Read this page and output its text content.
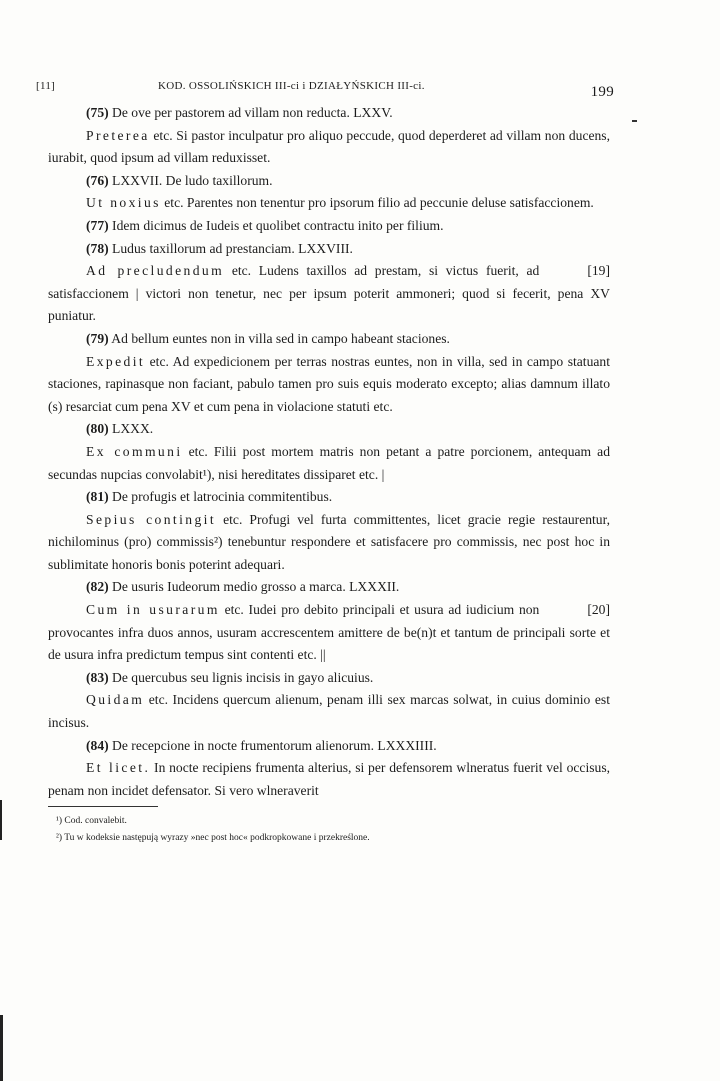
[11]	KOD. OSSOLIŃSKICH III-ci i DZIAŁYŃSKICH III-ci.	199

(75) De ove per pastorem ad villam non reducta. LXXV.

Preterea etc. Si pastor inculpatur pro aliquo peccude, quod deperderet ad villam non ducens, iurabit, quod ipsum ad villam reduxisset.

(76) LXXVII. De ludo taxillorum.

Ut noxius etc. Parentes non tenentur pro ipsorum filio ad peccunie deluse satisfaccionem.

(77) Idem dicimus de Iudeis et quolibet contractu inito per filium.

(78) Ludus taxillorum ad prestanciam. LXXVIII.

[19]
Ad precludendum etc. Ludens taxillos ad prestam, si victus fuerit, ad satisfaccionem | victori non tenetur, nec per ipsum poterit ammoneri; quod si fecerit, pena XV puniatur.

(79) Ad bellum euntes non in villa sed in campo habeant staciones.

Expedit etc. Ad expedicionem per terras nostras euntes, non in villa, sed in campo statuant staciones, rapinasque non faciant, pabulo tamen pro suis equis moderato excepto; alias damnum illato (s) resarciat cum pena XV et cum pena in violacione statuti etc.

(80) LXXX.

Ex communi etc. Filii post mortem matris non petant a patre porcionem, antequam ad secundas nupcias convolabit¹), nisi hereditates dissiparet etc. |

(81) De profugis et latrocinia commitentibus.

Sepius contingit etc. Profugi vel furta committentes, licet gracie regie restaurentur, nichilominus (pro) commissis²) tenebuntur respondere et satisfacere pro commissis, nec post hoc in sublimitate honoris bonis poterint adequari.

(82) De usuris Iudeorum medio grosso a marca. LXXXII.

[20]
Cum in usurarum etc. Iudei pro debito principali et usura ad iudicium non provocantes infra duos annos, usuram accrescentem amittere de be(n)t et tantum de principali sorte et de usura infra predictum tempus sint contenti etc. ||

(83) De quercubus seu lignis incisis in gayo alicuius.

Quidam etc. Incidens quercum alienum, penam illi sex marcas solwat, in cuius dominio est incisus.

(84) De recepcione in nocte frumentorum alienorum. LXXXIIII.

Et licet. In nocte recipiens frumenta alterius, si per defensorem wlneratus fuerit vel occisus, penam non incidet defensator. Si vero wlneraverit

¹) Cod. convalebit.

²) Tu w kodeksie następują wyrazy »nec post hoc« podkropkowane i przekreślone.
